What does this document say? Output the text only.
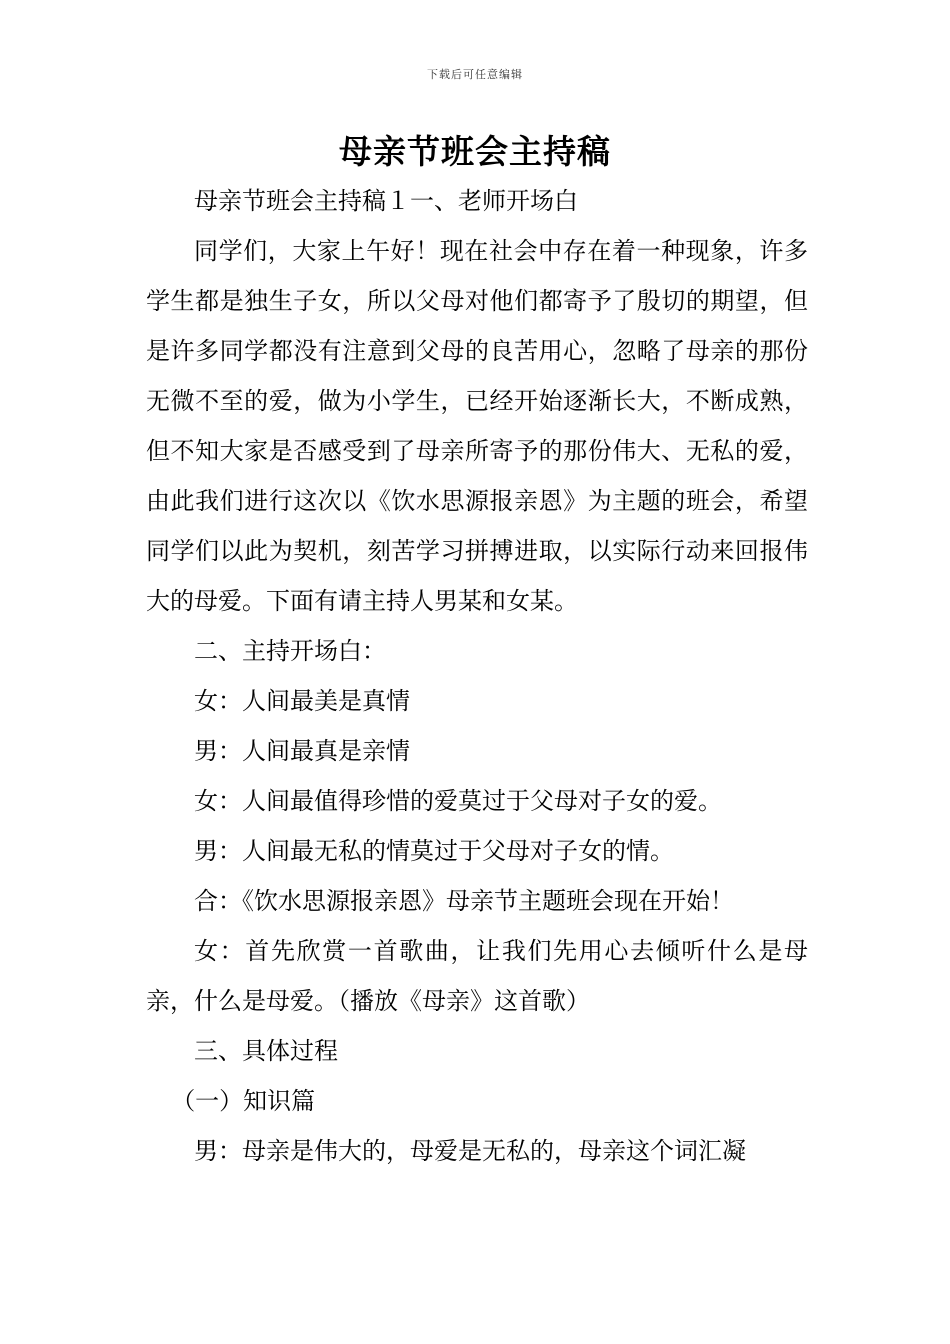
下载后可任意编辑
母亲节班会主持稿

母亲节班会主持稿１一、老师开场白

同学们，大家上午好！现在社会中存在着一种现象，许多学生都是独生子女，所以父母对他们都寄予了殷切的期望，但是许多同学都没有注意到父母的良苦用心，忽略了母亲的那份无微不至的爱，做为小学生，已经开始逐渐长大，不断成熟，但不知大家是否感受到了母亲所寄予的那份伟大、无私的爱，由此我们进行这次以《饮水思源报亲恩》为主题的班会，希望同学们以此为契机，刻苦学习拼搏进取，以实际行动来回报伟大的母爱。下面有请主持人男某和女某。

二、主持开场白：

女：人间最美是真情

男：人间最真是亲情

女：人间最值得珍惜的爱莫过于父母对子女的爱。

男：人间最无私的情莫过于父母对子女的情。

合：《饮水思源报亲恩》母亲节主题班会现在开始！

女：首先欣赏一首歌曲，让我们先用心去倾听什么是母亲，什么是母爱。（播放《母亲》这首歌）

三、具体过程

（一）知识篇

男：母亲是伟大的，母爱是无私的，母亲这个词汇凝
